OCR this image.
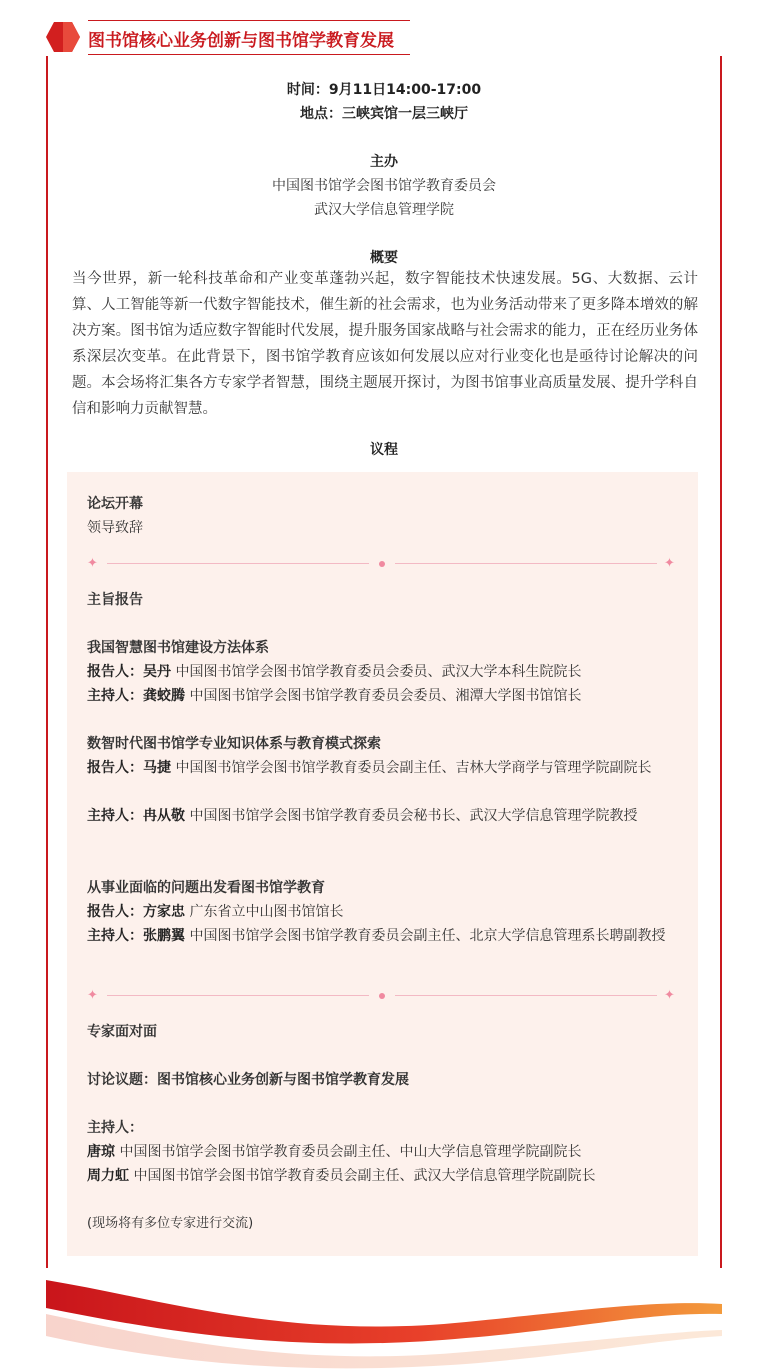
图书馆核心业务创新与图书馆学教育发展
时间：9月11日14:00-17:00
地点：三峡宾馆一层三峡厅
主办
中国图书馆学会图书馆学教育委员会
武汉大学信息管理学院
概要
当今世界，新一轮科技革命和产业变革蓬勃兴起，数字智能技术快速发展。5G、大数据、云计算、人工智能等新一代数字智能技术，催生新的社会需求，也为业务活动带来了更多降本增效的解决方案。图书馆为适应数字智能时代发展，提升服务国家战略与社会需求的能力，正在经历业务体系深层次变革。在此背景下，图书馆学教育应该如何发展以应对行业变化也是亟待讨论解决的问题。本会场将汇集各方专家学者智慧，围绕主题展开探讨，为图书馆事业高质量发展、提升学科自信和影响力贡献智慧。
议程
论坛开幕
领导致辞
✦	✦
主旨报告
我国智慧图书馆建设方法体系
报告人：吴丹 中国图书馆学会图书馆学教育委员会委员、武汉大学本科生院院长
主持人：龚蛟腾 中国图书馆学会图书馆学教育委员会委员、湘潭大学图书馆馆长
数智时代图书馆学专业知识体系与教育模式探索
报告人：马捷 中国图书馆学会图书馆学教育委员会副主任、吉林大学商学与管理学院副院长
主持人：冉从敬 中国图书馆学会图书馆学教育委员会秘书长、武汉大学信息管理学院教授
从事业面临的问题出发看图书馆学教育
报告人：方家忠 广东省立中山图书馆馆长
主持人：张鹏翼 中国图书馆学会图书馆学教育委员会副主任、北京大学信息管理系长聘副教授
✦	✦
专家面对面
讨论议题：图书馆核心业务创新与图书馆学教育发展
主持人：
唐琼 中国图书馆学会图书馆学教育委员会副主任、中山大学信息管理学院副院长
周力虹 中国图书馆学会图书馆学教育委员会副主任、武汉大学信息管理学院副院长
(现场将有多位专家进行交流)
